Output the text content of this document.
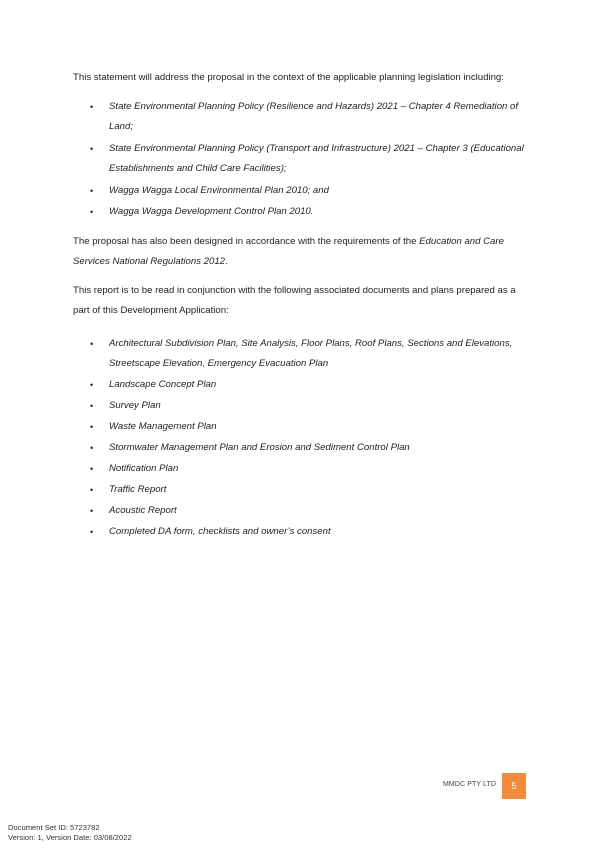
This statement will address the proposal in the context of the applicable planning legislation including:

• State Environmental Planning Policy (Resilience and Hazards) 2021 – Chapter 4 Remediation of Land;
• State Environmental Planning Policy (Transport and Infrastructure) 2021 – Chapter 3 (Educational Establishments and Child Care Facilities);
• Wagga Wagga Local Environmental Plan 2010; and
• Wagga Wagga Development Control Plan 2010.

The proposal has also been designed in accordance with the requirements of the Education and Care Services National Regulations 2012.

This report is to be read in conjunction with the following associated documents and plans prepared as a part of this Development Application:

• Architectural Subdivision Plan, Site Analysis, Floor Plans, Roof Plans, Sections and Elevations, Streetscape Elevation, Emergency Evacuation Plan
• Landscape Concept Plan
• Survey Plan
• Waste Management Plan
• Stormwater Management Plan and Erosion and Sediment Control Plan
• Notification Plan
• Traffic Report
• Acoustic Report
• Completed DA form, checklists and owner’s consent
MMDC PTY LTD	5
Document Set ID: 5723782
Version: 1, Version Date: 03/08/2022
